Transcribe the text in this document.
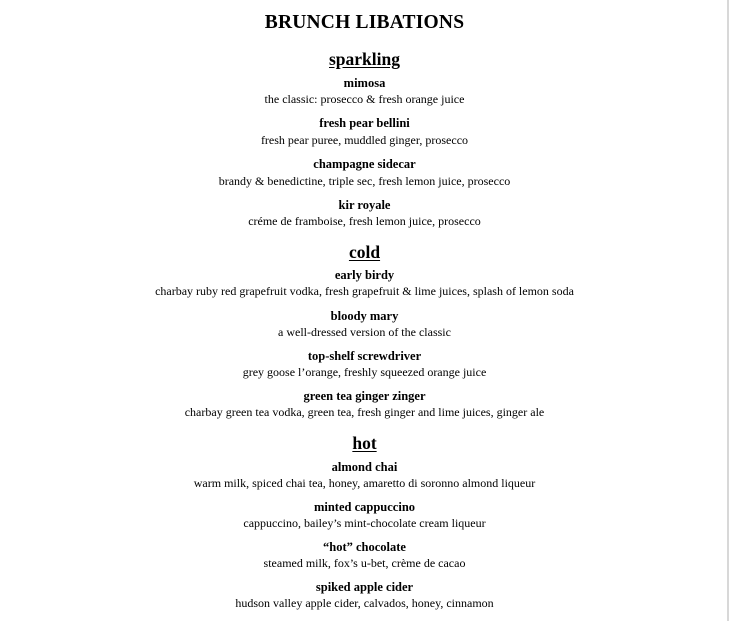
BRUNCH LIBATIONS
sparkling
mimosa
the classic: prosecco & fresh orange juice
fresh pear bellini
fresh pear puree, muddled ginger, prosecco
champagne sidecar
brandy & benedictine, triple sec, fresh lemon juice, prosecco
kir royale
créme de framboise, fresh lemon juice, prosecco
cold
early birdy
charbay ruby red grapefruit vodka, fresh grapefruit & lime juices, splash of lemon soda
bloody mary
a well-dressed version of the classic
top-shelf screwdriver
grey goose l’orange, freshly squeezed orange juice
green tea ginger zinger
charbay green tea vodka, green tea, fresh ginger and lime juices, ginger ale
hot
almond chai
warm milk, spiced chai tea, honey, amaretto di soronno almond liqueur
minted cappuccino
cappuccino, bailey’s mint-chocolate cream liqueur
“hot” chocolate
steamed milk, fox’s u-bet, crème de cacao
spiked apple cider
hudson valley apple cider, calvados, honey, cinnamon
